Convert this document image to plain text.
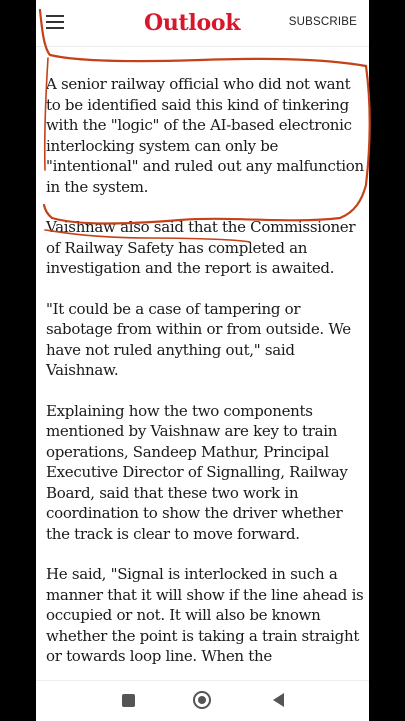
Outlook	SUBSCRIBE

A senior railway official who did not want to be identified said this kind of tinkering with the "logic" of the AI-based electronic interlocking system can only be "intentional" and ruled out any malfunction in the system.

Vaishnaw also said that the Commissioner of Railway Safety has completed an investigation and the report is awaited.

"It could be a case of tampering or sabotage from within or from outside. We have not ruled anything out," said Vaishnaw.

Explaining how the two components mentioned by Vaishnaw are key to train operations, Sandeep Mathur, Principal Executive Director of Signalling, Railway Board, said that these two work in coordination to show the driver whether the track is clear to move forward.

He said, "Signal is interlocked in such a manner that it will show if the line ahead is occupied or not. It will also be known whether the point is taking a train straight or towards loop line. When the
